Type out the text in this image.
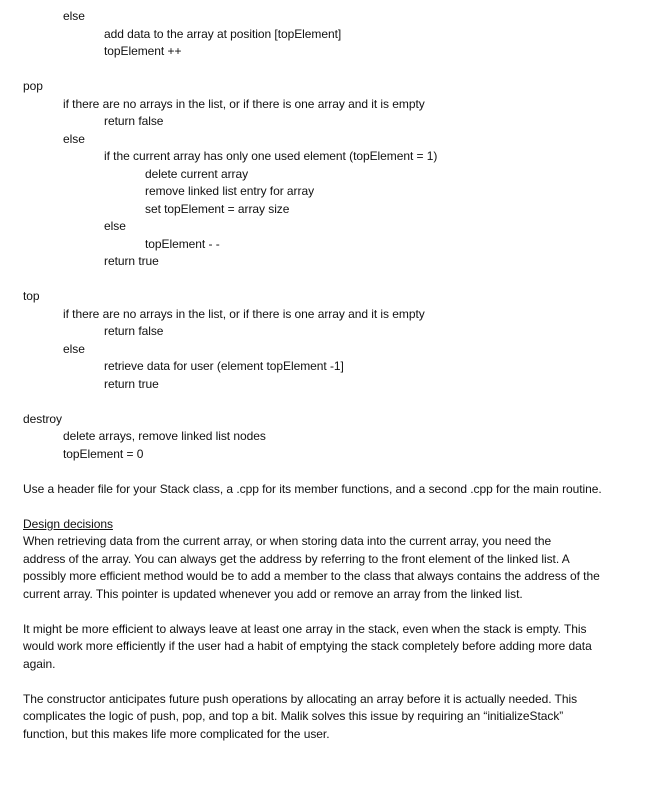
else
add data to the array at position [topElement]
topElement ++
pop
if there are no arrays in the list, or if there is one array and it is empty
return false
else
if the current array has only one used element (topElement = 1)
delete current array
remove linked list entry for array
set topElement = array size
else
topElement - -
return true
top
if there are no arrays in the list, or if there is one array and it is empty
return false
else
retrieve data for user (element topElement -1]
return true
destroy
delete arrays, remove linked list nodes
topElement = 0
Use a header file for your Stack class, a .cpp for its member functions, and a second .cpp for the main routine.
Design decisions
When retrieving data from the current array, or when storing data into the current array, you need the
address of the array. You can always get the address by referring to the front element of the linked list. A
possibly more efficient method would be to add a member to the class that always contains the address of the
current array. This pointer is updated whenever you add or remove an array from the linked list.
It might be more efficient to always leave at least one array in the stack, even when the stack is empty. This
would work more efficiently if the user had a habit of emptying the stack completely before adding more data
again.
The constructor anticipates future push operations by allocating an array before it is actually needed. This
complicates the logic of push, pop, and top a bit. Malik solves this issue by requiring an “initializeStack”
function, but this makes life more complicated for the user.
